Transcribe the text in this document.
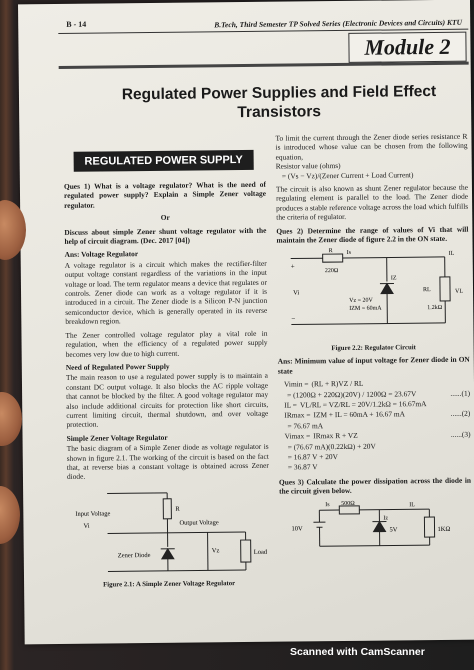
B - 14	B.Tech, Third Semester TP Solved Series (Electronic Devices and Circuits) KTU
Module 2
Regulated Power Supplies and Field Effect Transistors
REGULATED POWER SUPPLY

Ques 1) What is a voltage regulator? What is the need of regulated power supply? Explain a Simple Zener voltage regulator.

Or

Discuss about simple Zener shunt voltage regulator with the help of circuit diagram. (Dec. 2017 [04])

Ans: Voltage Regulator

A voltage regulator is a circuit which makes the rectifier-filter output voltage constant regardless of the variations in the input voltage or load. The term regulator means a device that regulates or controls. Zener diode can work as a voltage regulator if it is introduced in a circuit. The Zener diode is a Silicon P-N junction semiconductor device, which is generally operated in its reverse breakdown region.

The Zener controlled voltage regulator play a vital role in regulation, when the efficiency of a regulated power supply becomes very low due to high current.

Need of Regulated Power Supply

The main reason to use a regulated power supply is to maintain a constant DC output voltage. It also blocks the AC ripple voltage that cannot be blocked by the filter. A good voltage regulator may also include additional circuits for protection like short circuits, current limiting circuit, thermal shutdown, and over voltage protection.

Simple Zener Voltage Regulator

The basic diagram of a Simple Zener diode as voltage regulator is shown in figure 2.1. The working of the circuit is based on the fact that, at reverse bias a constant voltage is obtained across Zener diode.

Input Voltage
Vi
R
Output Voltage
Vz
Zener Diode	Load
Figure 2.1: A Simple Zener Voltage Regulator

To limit the current through the Zener diode series resistance R is introduced whose value can be chosen from the following equation,

Resistor value (ohms)

= (Vs − Vz)/(Zener Current + Load Current)

The circuit is also known as shunt Zener regulator because the regulating element is parallel to the load. The Zener diode produces a stable reference voltage across the load which fulfills the criteria of regulator.

Ques 2) Determine the range of values of Vi that will maintain the Zener diode of figure 2.2 in the ON state.

+
−
Is
R
220Ω
IL
IZ
Vi
Vz = 20V
IZM = 60mA
RL
1.2kΩ
VL
Figure 2.2: Regulator Circuit

Ans: Minimum value of input voltage for Zener diode in ON state

Vimin = (RL + R)VZ / RL
= (1200Ω + 220Ω)(20V) / 1200Ω = 23.67V	......(1)
IL = VL/RL = VZ/RL = 20V/1.2kΩ = 16.67mA
IRmax = IZM + IL = 60mA + 16.67 mA	......(2)
= 76.67 mA
Vimax = IRmax R + VZ	......(3)
= (76.67 mA)(0.22kΩ) + 20V
= 16.87 V + 20V
= 36.87 V

Ques 3) Calculate the power dissipation across the diode in the circuit given below.

Is 500Ω	IL
Iz
10V	5V	1KΩ
Scanned with CamScanner
